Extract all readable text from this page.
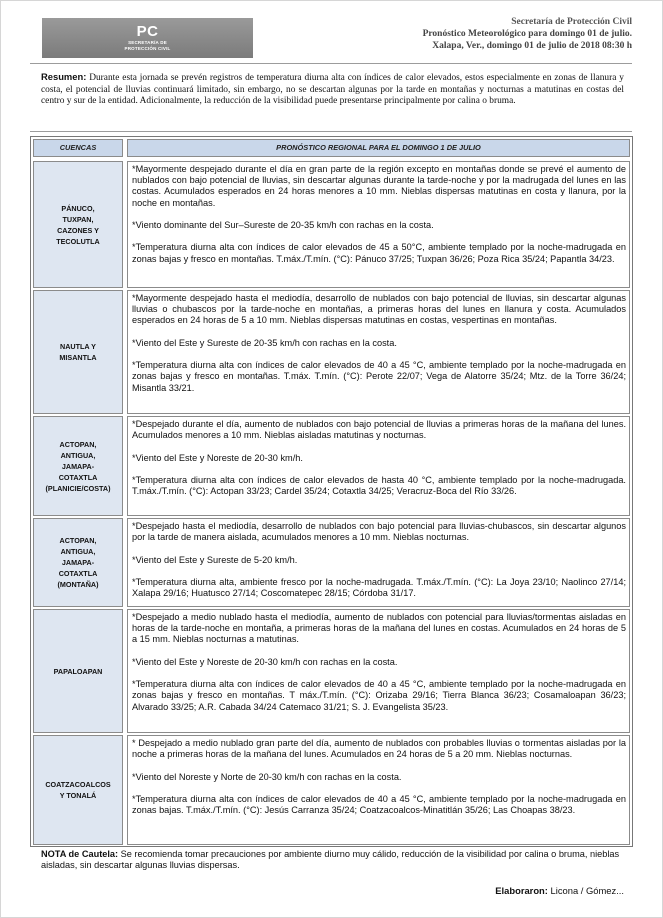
PC
SECRETARÍA DE
PROTECCIÓN CIVIL
Secretaría de Protección Civil
Pronóstico Meteorológico para domingo 01 de julio.
Xalapa, Ver., domingo 01 de julio de 2018 08:30 h
Resumen: Durante esta jornada se prevén registros de temperatura diurna alta con índices de calor elevados, estos especialmente en zonas de llanura y costa, el potencial de lluvias continuará limitado, sin embargo, no se descartan algunas por la tarde en montañas y nocturnas a matutinas en costas del centro y sur de la entidad. Adicionalmente, la reducción de la visibilidad puede presentarse principalmente por calina o bruma.
CUENCAS	PRONÓSTICO REGIONAL PARA EL DOMINGO 1 DE JULIO
PÁNUCO,
TUXPAN,
CAZONES Y
TECOLUTLA

*Mayormente despejado durante el día en gran parte de la región excepto en montañas donde se prevé el aumento de nublados con bajo potencial de lluvias, sin descartar algunas durante la tarde-noche y por la madrugada del lunes en las costas. Acumulados esperados en 24 horas menores a 10 mm. Nieblas dispersas matutinas en costa y llanura, por la noche en montañas.

*Viento dominante del Sur–Sureste de 20-35 km/h con rachas en la costa.

*Temperatura diurna alta con índices de calor elevados de 45 a 50°C, ambiente templado por la noche-madrugada en zonas bajas y fresco en montañas. T.máx./T.mín. (°C): Pánuco 37/25; Tuxpan 36/26; Poza Rica 35/24; Papantla 34/23.

NAUTLA Y
MISANTLA

*Mayormente despejado hasta el mediodía, desarrollo de nublados con bajo potencial de lluvias, sin descartar algunas lluvias o chubascos por la tarde-noche en montañas, a primeras horas del lunes en llanura y costa. Acumulados esperados en 24 horas de 5 a 10 mm. Nieblas dispersas matutinas en costas, vespertinas en montañas.

*Viento del Este y Sureste de 20-35 km/h con rachas en la costa.

*Temperatura diurna alta con índices de calor elevados de 40 a 45 °C, ambiente templado por la noche-madrugada en zonas bajas y fresco en montañas. T.máx. T.mín. (°C): Perote 22/07; Vega de Alatorre 35/24; Mtz. de la Torre 36/24; Misantla 33/21.

ACTOPAN,
ANTIGUA,
JAMAPA-
COTAXTLA
(PLANICIE/COSTA)

*Despejado durante el día, aumento de nublados con bajo potencial de lluvias a primeras horas de la mañana del lunes. Acumulados menores a 10 mm. Nieblas aisladas matutinas y nocturnas.

*Viento del Este y Noreste de 20-30 km/h.

*Temperatura diurna alta con índices de calor elevados de hasta 40 °C, ambiente templado por la noche-madrugada. T.máx./T.mín. (°C): Actopan 33/23; Cardel 35/24; Cotaxtla 34/25; Veracruz-Boca del Río 33/26.

ACTOPAN,
ANTIGUA,
JAMAPA-
COTAXTLA
(MONTAÑA)

*Despejado hasta el mediodía, desarrollo de nublados con bajo potencial para lluvias-chubascos, sin descartar algunos por la tarde de manera aislada, acumulados menores a 10 mm. Nieblas nocturnas.

*Viento del Este y Sureste de 5-20 km/h.

*Temperatura diurna alta, ambiente fresco por la noche-madrugada. T.máx./T.mín. (°C): La Joya 23/10; Naolinco 27/14; Xalapa 29/16; Huatusco 27/14; Coscomatepec 28/15; Córdoba 31/17.

PAPALOAPAN

*Despejado a medio nublado hasta el mediodía, aumento de nublados con potencial para lluvias/tormentas aisladas en horas de la tarde-noche en montaña, a primeras horas de la mañana del lunes en costas. Acumulados en 24 horas de 5 a 15 mm. Nieblas nocturnas a matutinas.

*Viento del Este y Noreste de 20-30 km/h con rachas en la costa.

*Temperatura diurna alta con índices de calor elevados de 40 a 45 °C, ambiente templado por la noche-madrugada en zonas bajas y fresco en montañas. T máx./T.mín. (°C): Orizaba 29/16; Tierra Blanca 36/23; Cosamaloapan 36/23; Alvarado 33/25; A.R. Cabada 34/24 Catemaco 31/21; S. J. Evangelista 35/23.

COATZACOALCOS
Y TONALÁ

* Despejado a medio nublado gran parte del día, aumento de nublados con probables lluvias o tormentas aisladas por la noche a primeras horas de la mañana del lunes. Acumulados en 24 horas de 5 a 20 mm. Nieblas nocturnas.

*Viento del Noreste y Norte de 20-30 km/h con rachas en la costa.

*Temperatura diurna alta con índices de calor elevados de 40 a 45 °C, ambiente templado por la noche-madrugada en zonas bajas. T.máx./T.mín. (°C): Jesús Carranza 35/24; Coatzacoalcos-Minatitlán 35/26; Las Choapas 38/23.

NOTA de Cautela: Se recomienda tomar precauciones por ambiente diurno muy cálido, reducción de la visibilidad por calina o bruma, nieblas aisladas, sin descartar algunas lluvias dispersas.
Elaboraron: Licona / Gómez...
